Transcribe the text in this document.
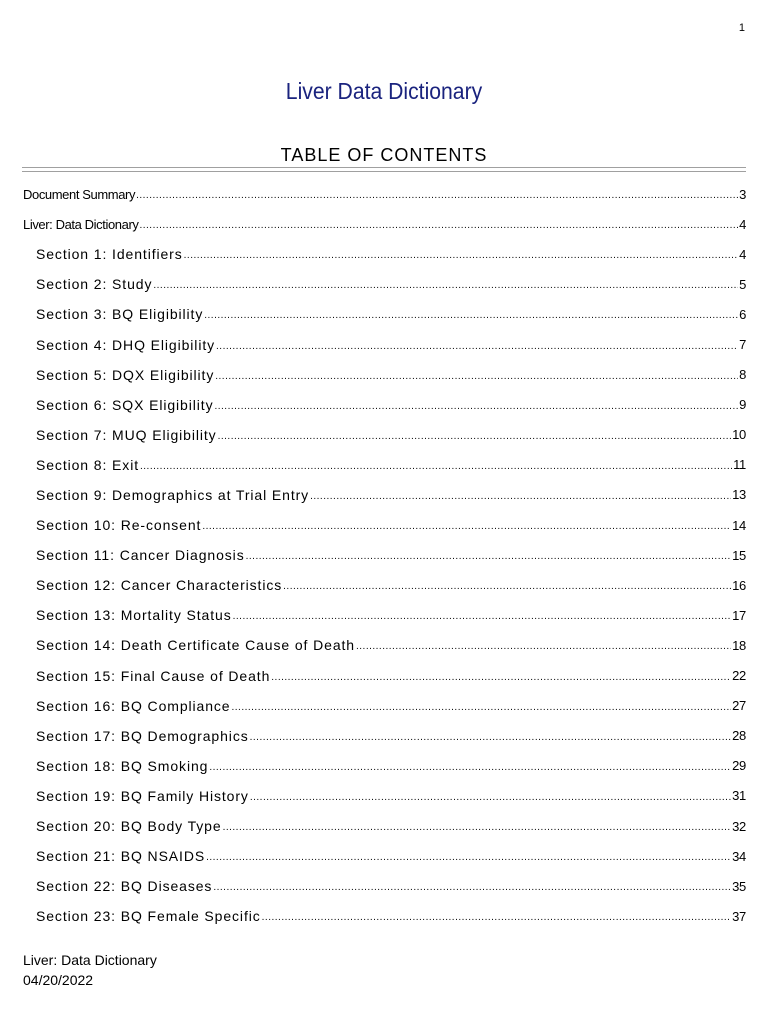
1
Liver Data Dictionary
TABLE OF CONTENTS
Document Summary .....	3
Liver: Data Dictionary .....	4
Section 1: Identifiers .....	4
Section 2: Study .....	5
Section 3: BQ Eligibility .....	6
Section 4: DHQ Eligibility .....	7
Section 5: DQX Eligibility .....	8
Section 6: SQX Eligibility .....	9
Section 7: MUQ Eligibility .....	10
Section 8: Exit .....	11
Section 9: Demographics at Trial Entry .....	13
Section 10: Re-consent .....	14
Section 11: Cancer Diagnosis .....	15
Section 12: Cancer Characteristics .....	16
Section 13: Mortality Status .....	17
Section 14: Death Certificate Cause of Death .....	18
Section 15: Final Cause of Death .....	22
Section 16: BQ Compliance .....	27
Section 17: BQ Demographics .....	28
Section 18: BQ Smoking .....	29
Section 19: BQ Family History .....	31
Section 20: BQ Body Type .....	32
Section 21: BQ NSAIDS .....	34
Section 22: BQ Diseases .....	35
Section 23: BQ Female Specific .....	37
Liver: Data Dictionary
04/20/2022
